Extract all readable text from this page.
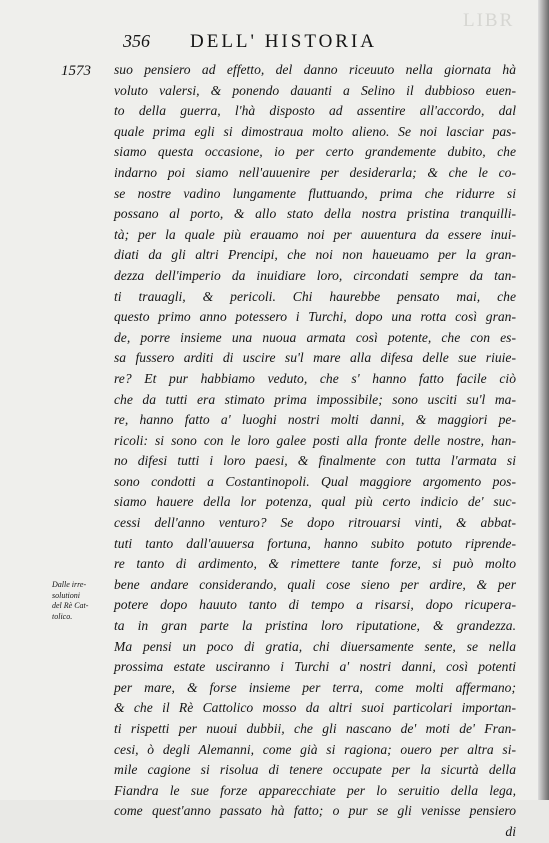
LIBR
356 DELL' HISTORIA
1573 suo pensiero ad effetto, del danno riceuuto nella giornata hà
voluto valersi, & ponendo dauanti a Selino il dubbioso euen-
to della guerra, l'hà disposto ad assentire all'accordo, dal
quale prima egli si dimostraua molto alieno. Se noi lasciar pas-
siamo questa occasione, io per certo grandemente dubito, che
indarno poi siamo nell'auuenire per desiderarla; & che le co-
se nostre vadino lungamente fluttuando, prima che ridurre si
possano al porto, & allo stato della nostra pristina tranquilli-
tà; per la quale più erauamo noi per auuentura da essere inui-
diati da gli altri Prencipi, che noi non haueuamo per la gran-
dezza dell'imperio da inuidiare loro, circondati sempre da tan-
ti trauagli, & pericoli. Chi haurebbe pensato mai, che
questo primo anno potessero i Turchi, dopo una rotta così gran-
de, porre insieme una nuoua armata così potente, che con es-
sa fussero arditi di uscire su'l mare alla difesa delle sue riuie-
re? Et pur habbiamo veduto, che s' hanno fatto facile ciò
che da tutti era stimato prima impossibile; sono usciti su'l ma-
re, hanno fatto a' luoghi nostri molti danni, & maggiori pe-
ricoli: si sono con le loro galee posti alla fronte delle nostre, han-
no difesi tutti i loro paesi, & finalmente con tutta l'armata si
sono condotti a Costantinopoli. Qual maggiore argomento pos-
siamo hauere della lor potenza, qual più certo indicio de' suc-
cessi dell'anno venturo? Se dopo ritrouarsi vinti, & abbat-
tuti tanto dall'auuersa fortuna, hanno subito potuto riprende-
re tanto di ardimento, & rimettere tante forze, si può molto
bene andare considerando, quali cose sieno per ardire, & per
potere dopo hauuto tanto di tempo a risarsi, dopo ricupera-
ta in gran parte la pristina loro riputatione, & grandezza.
Ma pensi un poco di gratia, chi diuersamente sente, se nella
prossima estate usciranno i Turchi a' nostri danni, così potenti
per mare, & forse insieme per terra, come molti affermano;
& che il Rè Cattolico mosso da altri suoi particolari importan-
ti rispetti per nuoui dubbii, che gli nascano de' moti de' Fran-
cesi, ò degli Alemanni, come già si ragiona; ouero per altra si-
mile cagione si risolua di tenere occupate per la sicurtà della
Fiandra le sue forze apparecchiate per lo seruitio della lega,
come quest'anno passato hà fatto; o pur se gli venisse pensiero
di
Dalle irre-
solutioni
del Rè Cat-
tolico.
